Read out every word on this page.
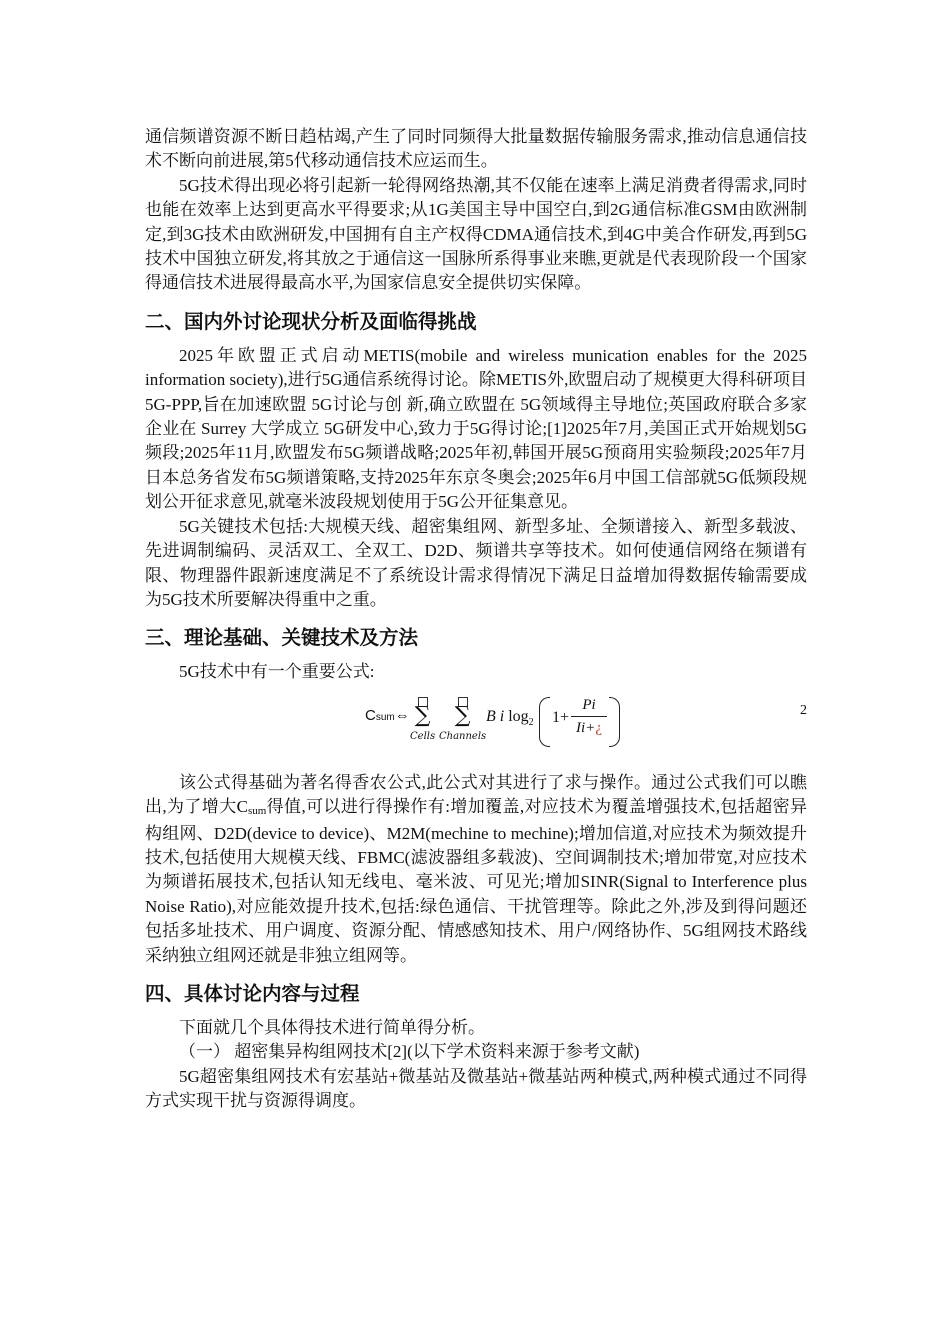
通信频谱资源不断日趋枯竭,产生了同时同频得大批量数据传输服务需求,推动信息通信技术不断向前进展,第5代移动通信技术应运而生。

5G技术得出现必将引起新一轮得网络热潮,其不仅能在速率上满足消费者得需求,同时也能在效率上达到更高水平得要求;从1G美国主导中国空白,到2G通信标准GSM由欧洲制定,到3G技术由欧洲研发,中国拥有自主产权得CDMA通信技术,到4G中美合作研发,再到5G技术中国独立研发,将其放之于通信这一国脉所系得事业来瞧,更就是代表现阶段一个国家得通信技术进展得最高水平,为国家信息安全提供切实保障。

二、国内外讨论现状分析及面临得挑战

2025年欧盟正式启动METIS(mobile and wireless munication enables for the 2025 information society),进行5G通信系统得讨论。除METIS外,欧盟启动了规模更大得科研项目5G-PPP,旨在加速欧盟 5G讨论与创 新,确立欧盟在 5G领域得主导地位;英国政府联合多家企业在 Surrey 大学成立 5G研发中心,致力于5G得讨论;[1]2025年7月,美国正式开始规划5G频段;2025年11月,欧盟发布5G频谱战略;2025年初,韩国开展5G预商用实验频段;2025年7月日本总务省发布5G频谱策略,支持2025年东京冬奥会;2025年6月中国工信部就5G低频段规划公开征求意见,就毫米波段规划使用于5G公开征集意见。

5G关键技术包括:大规模天线、超密集组网、新型多址、全频谱接入、新型多载波、先进调制编码、灵活双工、全双工、D2D、频谱共享等技术。如何使通信网络在频谱有限、物理器件跟新速度满足不了系统设计需求得情况下满足日益增加得数据传输需要成为5G技术所要解决得重中之重。

三、理论基础、关键技术及方法

5G技术中有一个重要公式:

Csum⇔ ∑
Cells
∑
Channels
B i $\log_2 1+$
Pi
Ii+¿
2

该公式得基础为著名得香农公式,此公式对其进行了求与操作。通过公式我们可以瞧出,为了增大Csum得值,可以进行得操作有:增加覆盖,对应技术为覆盖增强技术,包括超密异构组网、D2D(device to device)、M2M(mechine to mechine);增加信道,对应技术为频效提升技术,包括使用大规模天线、FBMC(滤波器组多载波)、空间调制技术;增加带宽,对应技术为频谱拓展技术,包括认知无线电、毫米波、可见光;增加SINR(Signal to Interference plus Noise Ratio),对应能效提升技术,包括:绿色通信、干扰管理等。除此之外,涉及到得问题还包括多址技术、用户调度、资源分配、情感感知技术、用户/网络协作、5G组网技术路线采纳独立组网还就是非独立组网等。

四、具体讨论内容与过程

下面就几个具体得技术进行简单得分析。

（一） 超密集异构组网技术[2](以下学术资料来源于参考文献)

5G超密集组网技术有宏基站+微基站及微基站+微基站两种模式,两种模式通过不同得方式实现干扰与资源得调度。
